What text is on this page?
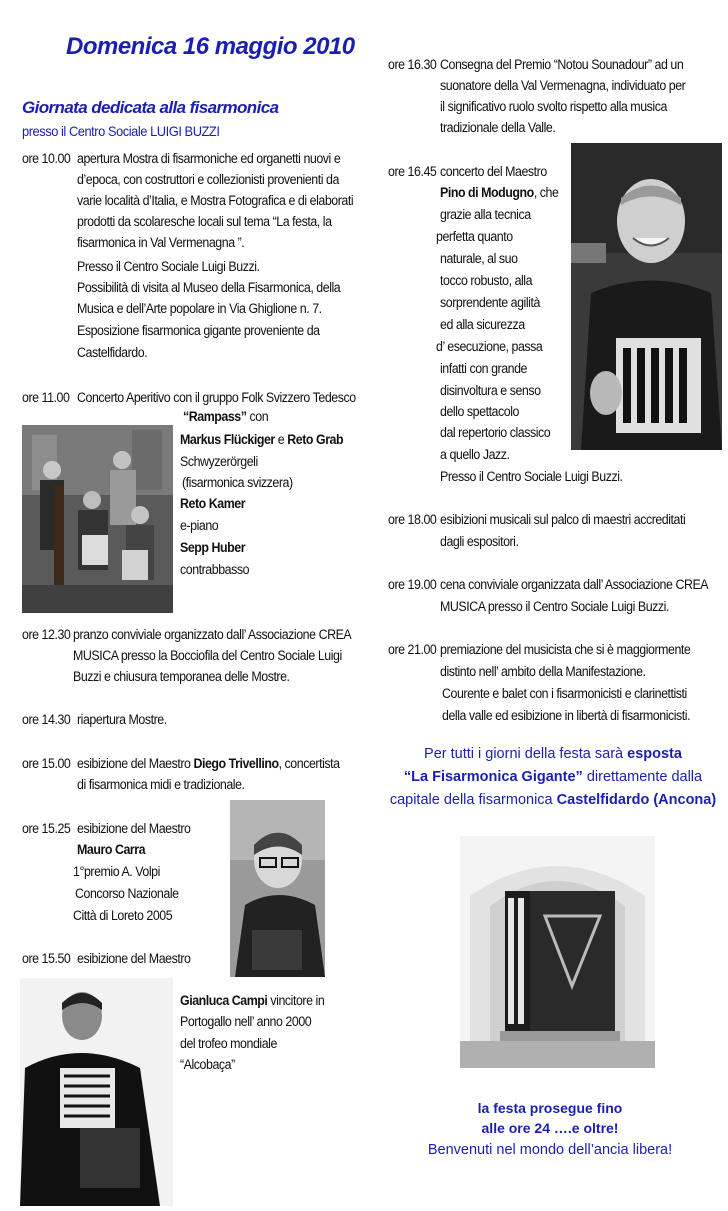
Domenica 16 maggio 2010
Giornata dedicata alla fisarmonica
presso il Centro Sociale LUIGI BUZZI
ore 10.00 apertura Mostra di fisarmoniche ed organetti nuovi e
d’epoca, con costruttori e collezionisti provenienti da
varie località d’Italia, e Mostra Fotografica e di elaborati
prodotti da scolaresche locali sul tema “La festa, la
fisarmonica in Val Vermenagna ”.
Presso il Centro Sociale Luigi Buzzi.
Possibilità di visita al Museo della Fisarmonica, della
Musica e dell’Arte popolare in Via Ghiglione n. 7.
Esposizione fisarmonica gigante proveniente da
Castelfidardo.
ore 11.00 Concerto Aperitivo con il gruppo Folk Svizzero Tedesco
“Rampass” con
Markus Flückiger e Reto Grab
Schwyzerörgeli
(fisarmonica svizzera)
Reto Kamer
e-piano
Sepp Huber
contrabbasso
ore 12.30 pranzo conviviale organizzato dall’ Associazione CREA
MUSICA presso la Bocciofila del Centro Sociale Luigi
Buzzi e chiusura temporanea delle Mostre.
ore 14.30 riapertura Mostre.
ore 15.00 esibizione del Maestro Diego Trivellino, concertista
di fisarmonica midi e tradizionale.
ore 15.25 esibizione del Maestro
Mauro Carra
1°premio A. Volpi
Concorso Nazionale
Città di Loreto 2005
ore 15.50 esibizione del Maestro
Gianluca Campi vincitore in
Portogallo nell’ anno 2000
del trofeo mondiale
“Alcobaça”
ore 16.30 Consegna del Premio “Notou Sounadour” ad un
suonatore della Val Vermenagna, individuato per
il significativo ruolo svolto rispetto alla musica
tradizionale della Valle.
ore 16.45 concerto del Maestro
Pino di Modugno, che
grazie alla tecnica
perfetta quanto
naturale, al suo
tocco robusto, alla
sorprendente agilità
ed alla sicurezza
d’ esecuzione, passa
infatti con grande
disinvoltura e senso
dello spettacolo
dal repertorio classico
a quello Jazz.
Presso il Centro Sociale Luigi Buzzi.
ore 18.00 esibizioni musicali sul palco di maestri accreditati
dagli espositori.
ore 19.00 cena conviviale organizzata dall’ Associazione CREA
MUSICA presso il Centro Sociale Luigi Buzzi.
ore 21.00 premiazione del musicista che si è maggiormente
distinto nell’ ambito della Manifestazione.
Courente e balet con i fisarmonicisti e clarinettisti
della valle ed esibizione in libertà di fisarmonicisti.
Per tutti i giorni della festa sarà esposta
“La Fisarmonica Gigante” direttamente dalla
capitale della fisarmonica Castelfidardo (Ancona)
la festa prosegue fino
alle ore 24 ….e oltre!
Benvenuti nel mondo dell’ancia libera!
